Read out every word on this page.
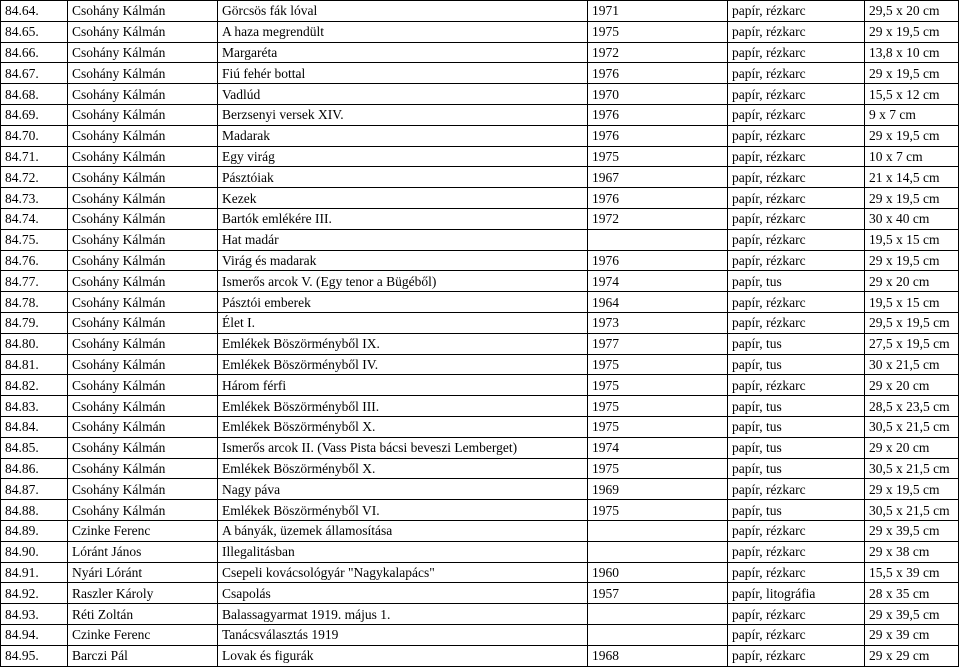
84.64.	Csohány Kálmán	Görcsös fák lóval	1971	papír, rézkarc	29,5 x 20 cm
84.65.	Csohány Kálmán	A haza megrendült	1975	papír, rézkarc	29 x 19,5 cm
84.66.	Csohány Kálmán	Margaréta	1972	papír, rézkarc	13,8 x 10 cm
84.67.	Csohány Kálmán	Fiú fehér bottal	1976	papír, rézkarc	29 x 19,5 cm
84.68.	Csohány Kálmán	Vadlúd	1970	papír, rézkarc	15,5 x 12 cm
84.69.	Csohány Kálmán	Berzsenyi versek XIV.	1976	papír, rézkarc	9 x 7 cm
84.70.	Csohány Kálmán	Madarak	1976	papír, rézkarc	29 x 19,5 cm
84.71.	Csohány Kálmán	Egy virág	1975	papír, rézkarc	10 x 7 cm
84.72.	Csohány Kálmán	Pásztóiak	1967	papír, rézkarc	21 x 14,5 cm
84.73.	Csohány Kálmán	Kezek	1976	papír, rézkarc	29 x 19,5 cm
84.74.	Csohány Kálmán	Bartók emlékére III.	1972	papír, rézkarc	30 x 40 cm
84.75.	Csohány Kálmán	Hat madár		papír, rézkarc	19,5 x 15 cm
84.76.	Csohány Kálmán	Virág és madarak	1976	papír, rézkarc	29 x 19,5 cm
84.77.	Csohány Kálmán	Ismerős arcok V. (Egy tenor a Bügéből)	1974	papír, tus	29 x 20 cm
84.78.	Csohány Kálmán	Pásztói emberek	1964	papír, rézkarc	19,5 x 15 cm
84.79.	Csohány Kálmán	Élet I.	1973	papír, rézkarc	29,5 x 19,5 cm
84.80.	Csohány Kálmán	Emlékek Böszörményből IX.	1977	papír, tus	27,5 x 19,5 cm
84.81.	Csohány Kálmán	Emlékek Böszörményből IV.	1975	papír, tus	30 x 21,5 cm
84.82.	Csohány Kálmán	Három férfi	1975	papír, rézkarc	29 x 20 cm
84.83.	Csohány Kálmán	Emlékek Böszörményből III.	1975	papír, tus	28,5 x 23,5 cm
84.84.	Csohány Kálmán	Emlékek Böszörményből X.	1975	papír, tus	30,5 x 21,5 cm
84.85.	Csohány Kálmán	Ismerős arcok II. (Vass Pista bácsi beveszi Lemberget)	1974	papír, tus	29 x 20 cm
84.86.	Csohány Kálmán	Emlékek Böszörményből X.	1975	papír, tus	30,5 x 21,5 cm
84.87.	Csohány Kálmán	Nagy páva	1969	papír, rézkarc	29 x 19,5 cm
84.88.	Csohány Kálmán	Emlékek Böszörményből VI.	1975	papír, tus	30,5 x 21,5 cm
84.89.	Czinke Ferenc	A bányák, üzemek államosítása		papír, rézkarc	29 x 39,5 cm
84.90.	Lóránt János	Illegalitásban		papír, rézkarc	29 x 38 cm
84.91.	Nyári Lóránt	Csepeli kovácsológyár "Nagykalapács"	1960	papír, rézkarc	15,5 x 39 cm
84.92.	Raszler Károly	Csapolás	1957	papír, litográfia	28 x 35 cm
84.93.	Réti Zoltán	Balassagyarmat 1919. május 1.		papír, rézkarc	29 x 39,5 cm
84.94.	Czinke Ferenc	Tanácsválasztás 1919		papír, rézkarc	29 x 39 cm
84.95.	Barczi Pál	Lovak és figurák	1968	papír, rézkarc	29 x 29 cm
